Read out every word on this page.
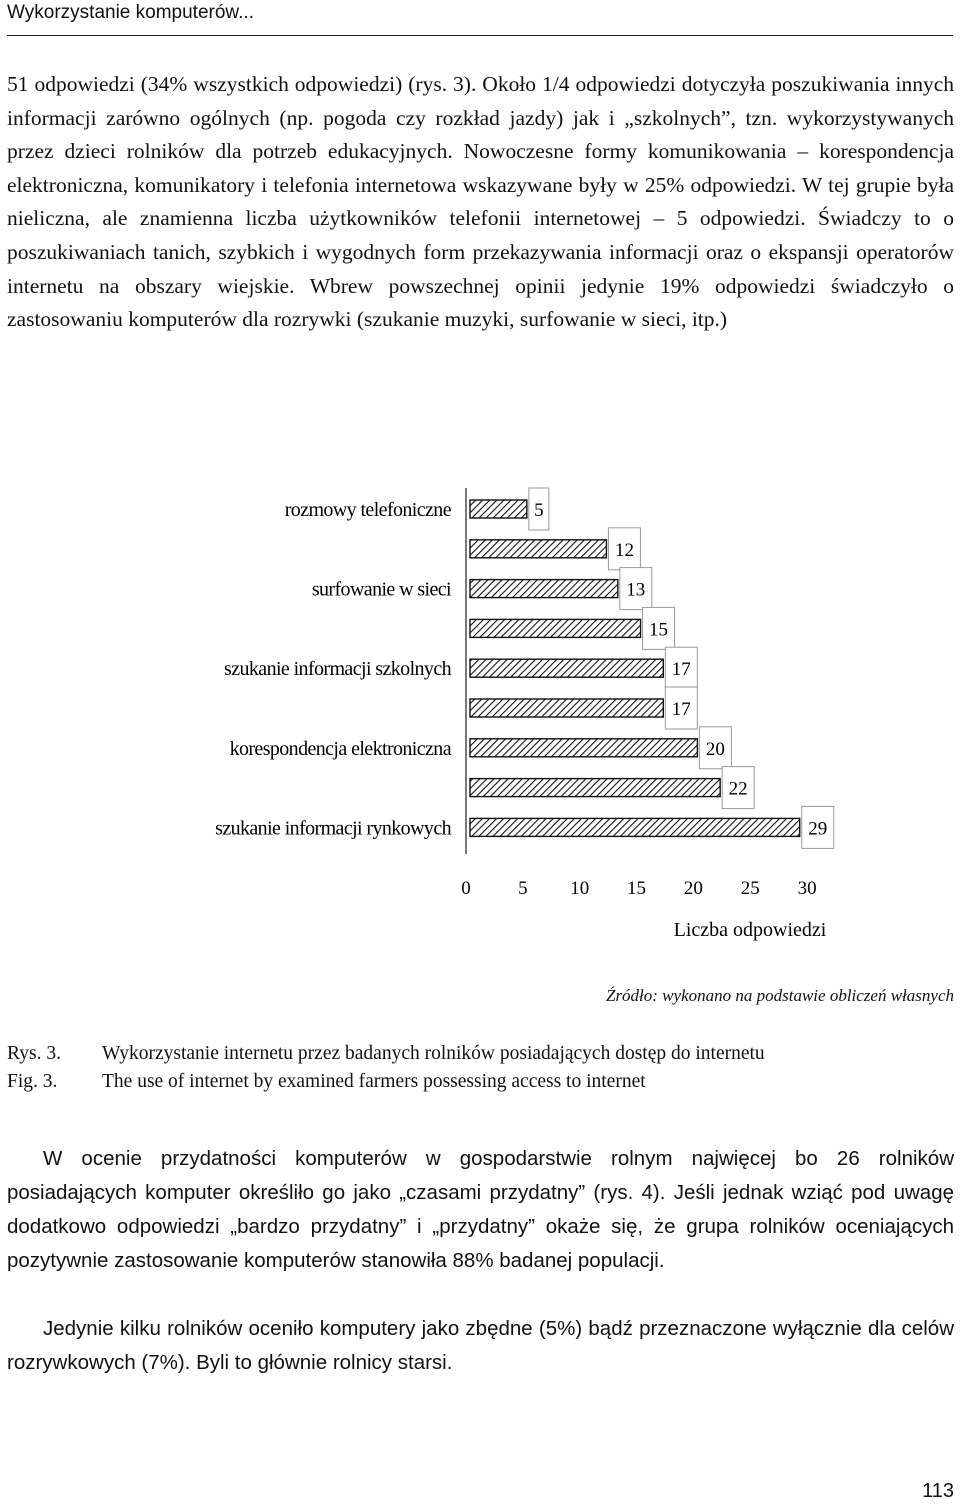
Wykorzystanie komputerów...

51 odpowiedzi (34% wszystkich odpowiedzi) (rys. 3). Około 1/4 odpowiedzi dotyczyła poszukiwania innych informacji zarówno ogólnych (np. pogoda czy rozkład jazdy) jak i „szkolnych”, tzn. wykorzystywanych przez dzieci rolników dla potrzeb edukacyjnych. Nowoczesne formy komunikowania – korespondencja elektroniczna, komunikatory i telefonia internetowa wskazywane były w 25% odpowiedzi. W tej grupie była nieliczna, ale znamienna liczba użytkowników telefonii internetowej – 5 odpowiedzi. Świadczy to o poszukiwaniach tanich, szybkich i wygodnych form przekazywania informacji oraz o ekspansji operatorów internetu na obszary wiejskie. Wbrew powszechnej opinii jedynie 19% odpowiedzi świadczyło o zastosowaniu komputerów dla rozrywki (szukanie muzyki, surfowanie w sieci, itp.)

5
rozmowy telefoniczne
12
13
surfowanie w sieci
15
17
szukanie informacji szkolnych
17
20
korespondencja elektroniczna
22
29
szukanie informacji rynkowych
0 5 10 15 20 25 30
Liczba odpowiedzi
Źródło: wykonano na podstawie obliczeń własnych
Rys. 3. Wykorzystanie internetu przez badanych rolników posiadających dostęp do internetu
Fig. 3. The use of internet by examined farmers possessing access to internet

W ocenie przydatności komputerów w gospodarstwie rolnym najwięcej bo 26 rolników posiadających komputer określiło go jako „czasami przydatny” (rys. 4). Jeśli jednak wziąć pod uwagę dodatkowo odpowiedzi „bardzo przydatny” i „przydatny” okaże się, że grupa rolników oceniających pozytywnie zastosowanie komputerów stanowiła 88% badanej populacji.

Jedynie kilku rolników oceniło komputery jako zbędne (5%) bądź przeznaczone wyłącznie dla celów rozrywkowych (7%). Byli to głównie rolnicy starsi.

113
